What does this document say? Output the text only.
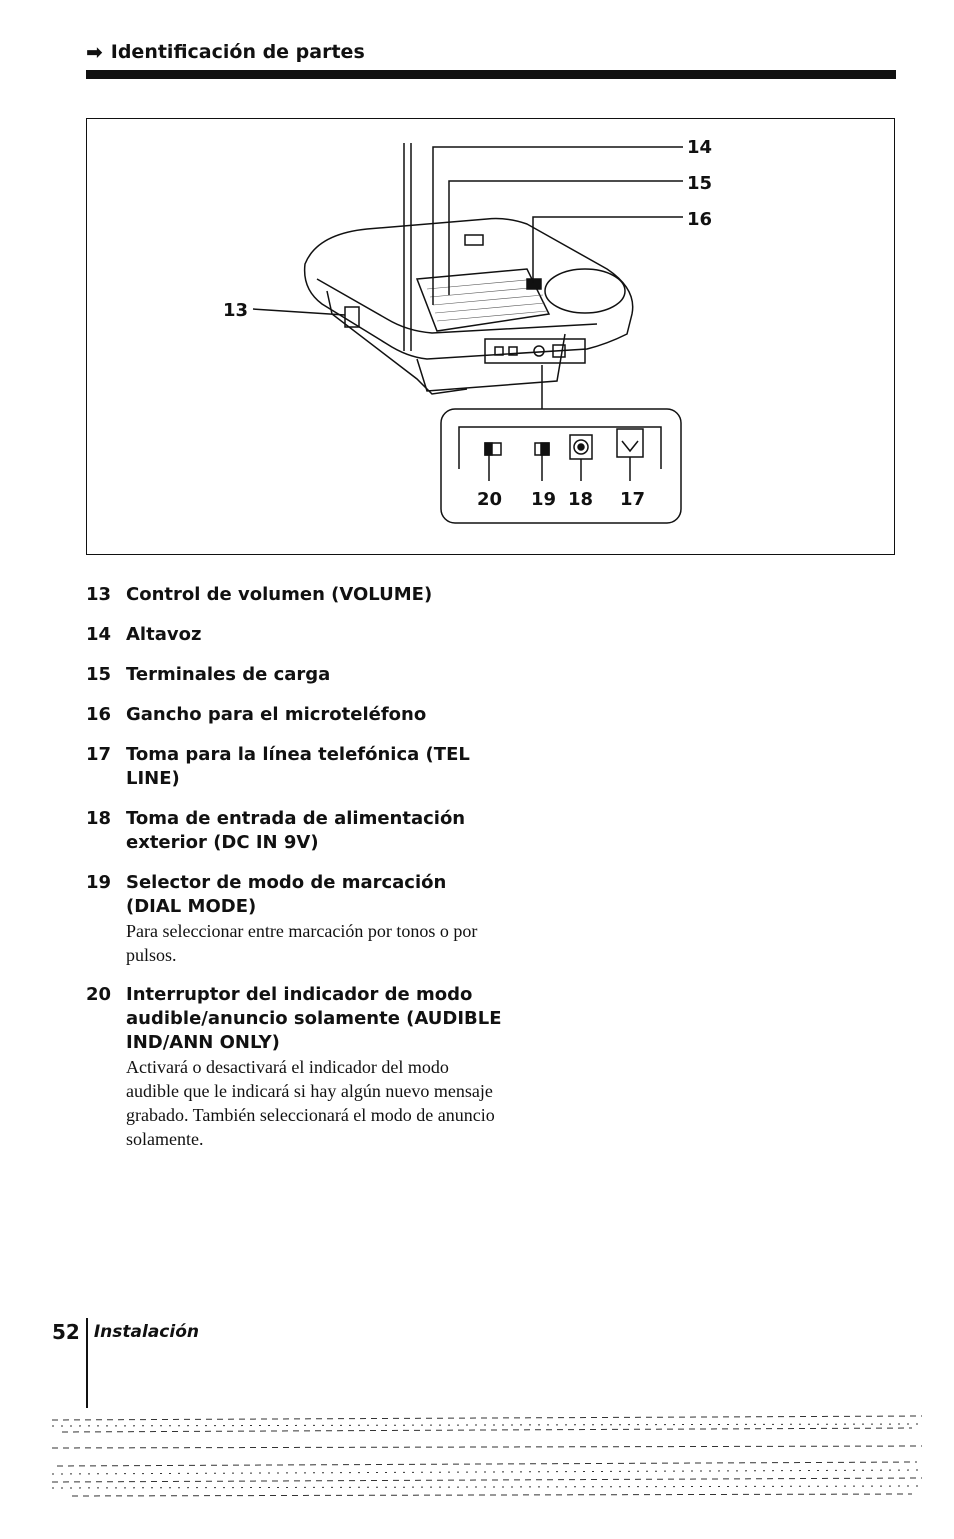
➡ Identificación de partes
14
15
16
13
20 19 18 17
13 Control de volumen (VOLUME)
14 Altavoz
15 Terminales de carga
16 Gancho para el microteléfono
17 Toma para la línea telefónica (TEL LINE)
18 Toma de entrada de alimentación exterior (DC IN 9V)
19 Selector de modo de marcación (DIAL MODE)
Para seleccionar entre marcación por tonos o por pulsos.
20 Interruptor del indicador de modo audible/anuncio solamente (AUDIBLE IND/ANN ONLY)
Activará o desactivará el indicador del modo audible que le indicará si hay algún nuevo mensaje grabado. También seleccionará el modo de anuncio solamente.
52 Instalación
